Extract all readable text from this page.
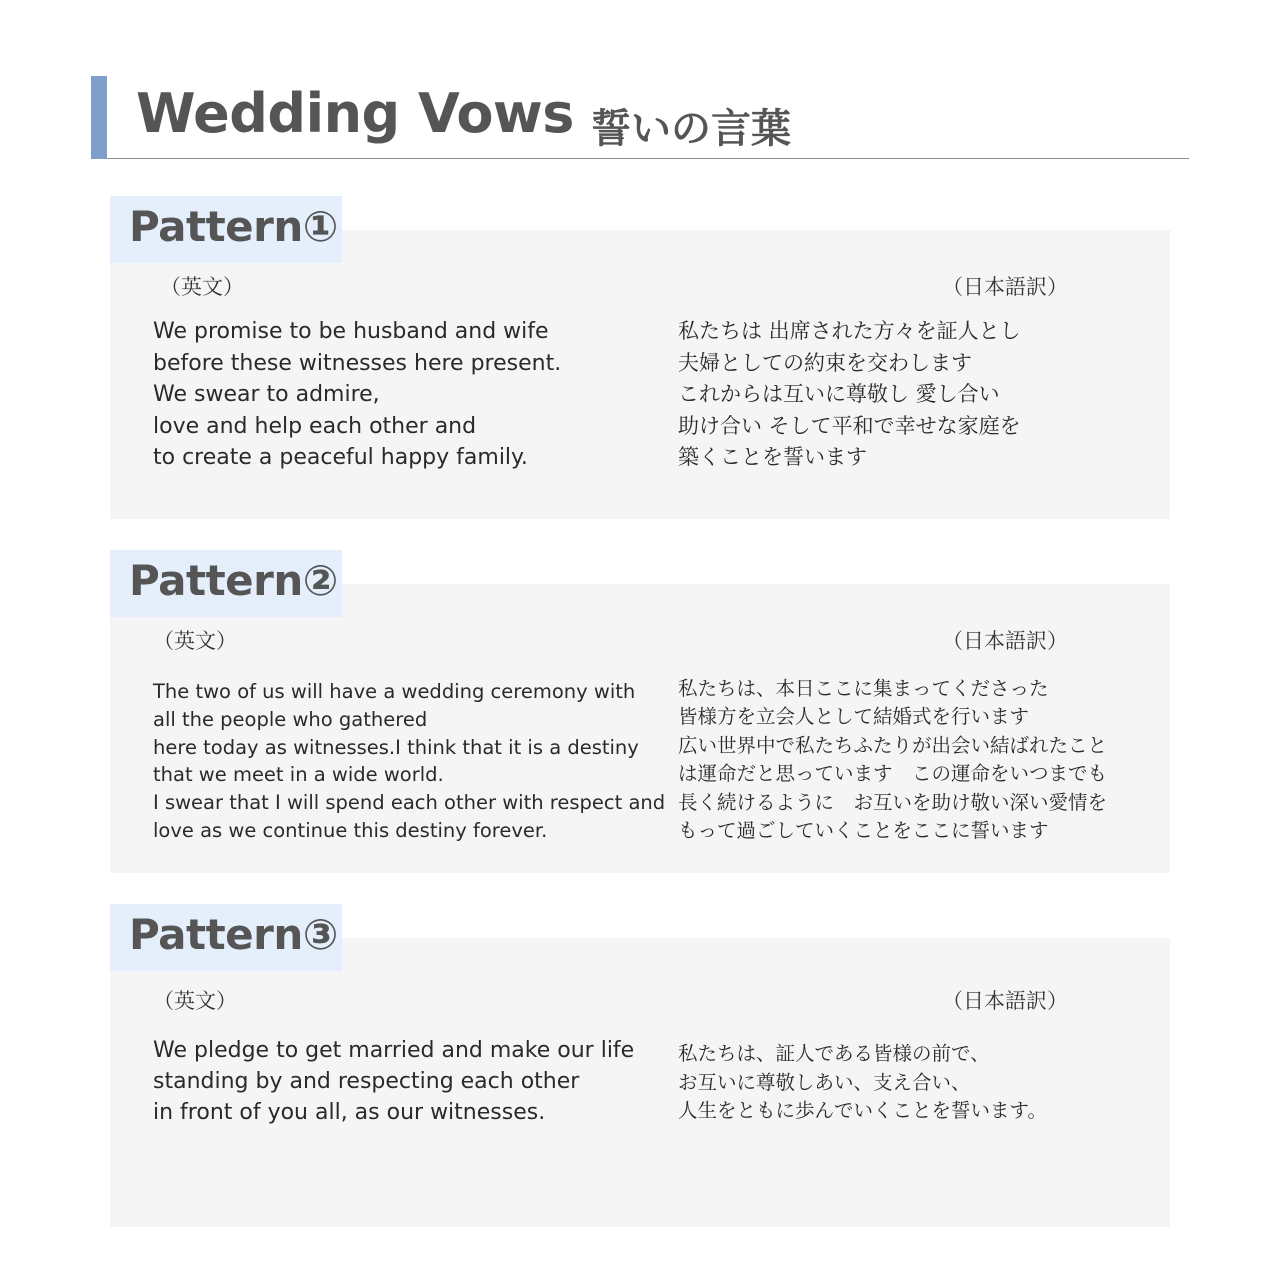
Wedding Vows 誓いの言葉
Pattern①
（英文）	（日本語訳）
We promise to be husband and wife
before these witnesses here present.
We swear to admire,
love and help each other and
to create a peaceful happy family.
私たちは 出席された方々を証人とし
夫婦としての約束を交わします
これからは互いに尊敬し 愛し合い
助け合い そして平和で幸せな家庭を
築くことを誓います
Pattern②
（英文）	（日本語訳）
The two of us will have a wedding ceremony with
all the people who gathered
here today as witnesses.I think that it is a destiny
that we meet in a wide world.
I swear that I will spend each other with respect and
love as we continue this destiny forever.
私たちは、本日ここに集まってくださった
皆様方を立会人として結婚式を行います
広い世界中で私たちふたりが出会い結ばれたこと
は運命だと思っています　この運命をいつまでも
長く続けるように　お互いを助け敬い深い愛情を
もって過ごしていくことをここに誓います
Pattern③
（英文）	（日本語訳）
We pledge to get married and make our life
standing by and respecting each other
in front of you all, as our witnesses.
私たちは、証人である皆様の前で、
お互いに尊敬しあい、支え合い、
人生をともに歩んでいくことを誓います。
